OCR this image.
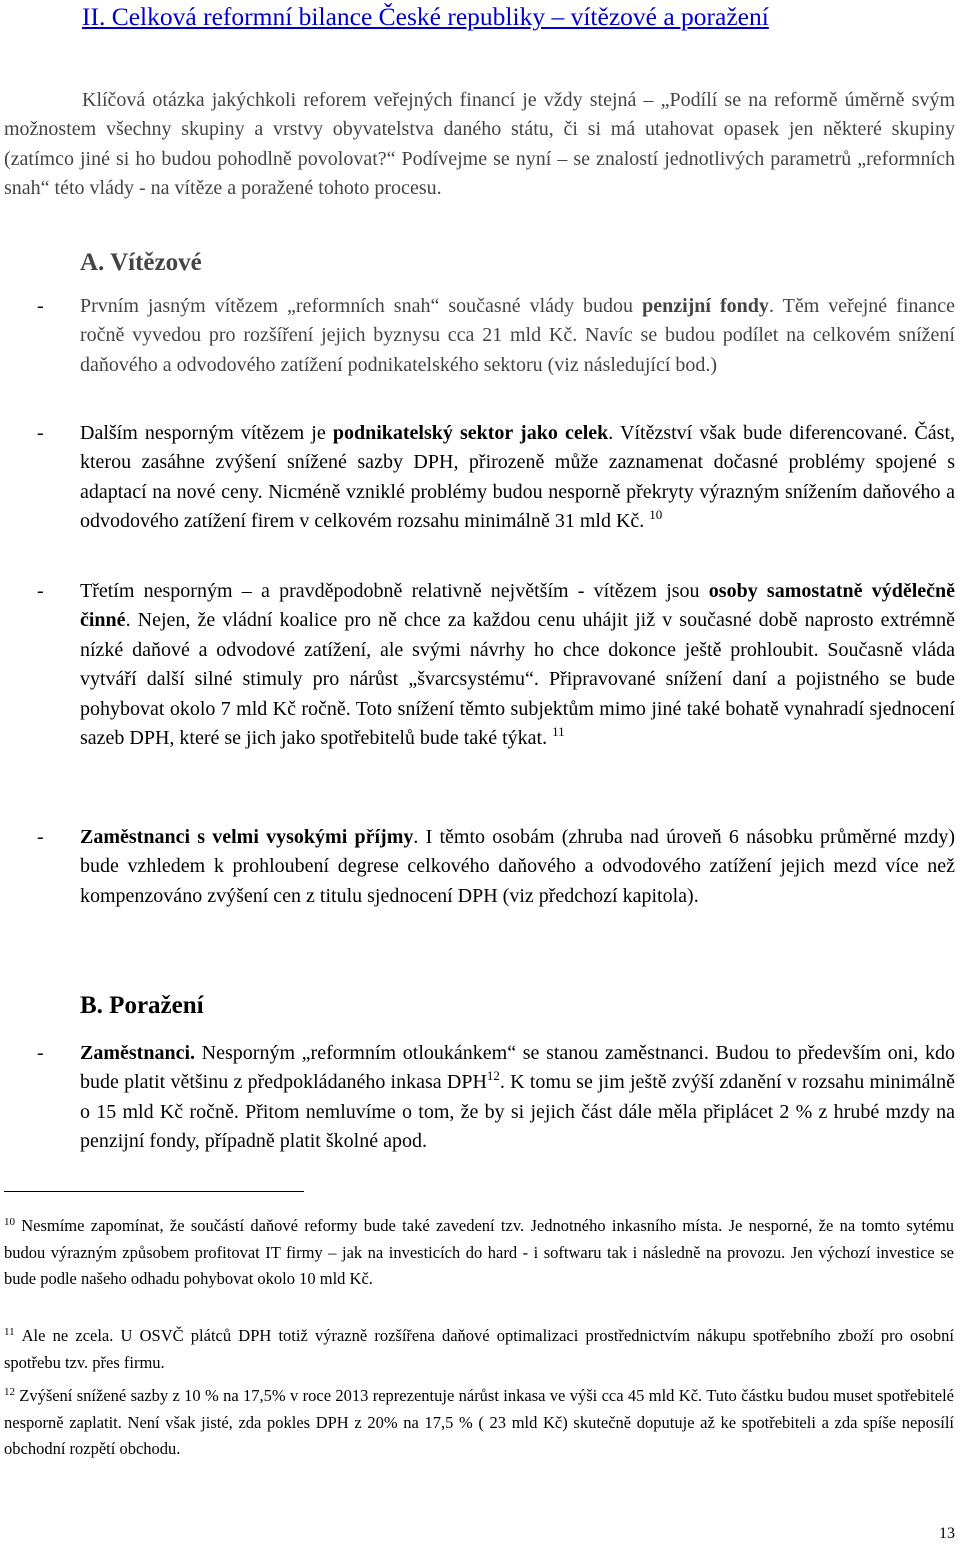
II. Celková reformní bilance České republiky – vítězové a poražení
Klíčová otázka jakýchkoli reforem veřejných financí je vždy stejná – „Podílí se na reformě úměrně svým možnostem všechny skupiny a vrstvy obyvatelstva daného státu, či si má utahovat opasek jen některé skupiny (zatímco jiné si ho budou pohodlně povolovat?“ Podívejme se nyní – se znalostí jednotlivých parametrů „reformních snah“ této vlády - na vítěze a poražené tohoto procesu.
A. Vítězové
- Prvním jasným vítězem „reformních snah“ současné vlády budou penzijní fondy. Těm veřejné finance ročně vyvedou pro rozšíření jejich byznysu cca 21 mld Kč. Navíc se budou podílet na celkovém snížení daňového a odvodového zatížení podnikatelského sektoru (viz následující bod.)
- Dalším nesporným vítězem je podnikatelský sektor jako celek. Vítězství však bude diferencované. Část, kterou zasáhne zvýšení snížené sazby DPH, přirozeně může zaznamenat dočasné problémy spojené s adaptací na nové ceny. Nicméně vzniklé problémy budou nesporně překryty výrazným snížením daňového a odvodového zatížení firem v celkovém rozsahu minimálně 31 mld Kč. $^{10}$
- Třetím nesporným – a pravděpodobně relativně největším - vítězem jsou osoby samostatně výdělečně činné. Nejen, že vládní koalice pro ně chce za každou cenu uhájit již v současné době naprosto extrémně nízké daňové a odvodové zatížení, ale svými návrhy ho chce dokonce ještě prohloubit. Současně vláda vytváří další silné stimuly pro nárůst „švarcsystému“. Připravované snížení daní a pojistného se bude pohybovat okolo 7 mld Kč ročně. Toto snížení těmto subjektům mimo jiné také bohatě vynahradí sjednocení sazeb DPH, které se jich jako spotřebitelů bude také týkat. $^{11}$
- Zaměstnanci s velmi vysokými příjmy. I těmto osobám (zhruba nad úroveň 6 násobku průměrné mzdy) bude vzhledem k prohloubení degrese celkového daňového a odvodového zatížení jejich mezd více než kompenzováno zvýšení cen z titulu sjednocení DPH (viz předchozí kapitola).
B. Poražení
- Zaměstnanci. Nesporným „reformním otloukánkem“ se stanou zaměstnanci. Budou to především oni, kdo bude platit většinu z předpokládaného inkasa DPH$^{12}$. K tomu se jim ještě zvýší zdanění v rozsahu minimálně o 15 mld Kč ročně. Přitom nemluvíme o tom, že by si jejich část dále měla připlácet 2 % z hrubé mzdy na penzijní fondy, případně platit školné apod.
$^{10}$ Nesmíme zapomínat, že součástí daňové reformy bude také zavedení tzv. Jednotného inkasního místa. Je nesporné, že na tomto sytému budou výrazným způsobem profitovat IT firmy – jak na investicích do hard - i softwaru tak i následně na provozu. Jen výchozí investice se bude podle našeho odhadu pohybovat okolo 10 mld Kč.
$^{11}$ Ale ne zcela. U OSVČ plátců DPH totiž výrazně rozšířena daňové optimalizaci prostřednictvím nákupu spotřebního zboží pro osobní spotřebu tzv. přes firmu.
$^{12}$ Zvýšení snížené sazby z 10 % na 17,5% v roce 2013 reprezentuje nárůst inkasa ve výši cca 45 mld Kč. Tuto částku budou muset spotřebitelé nesporně zaplatit. Není však jisté, zda pokles DPH z 20% na 17,5 % ( 23 mld Kč) skutečně doputuje až ke spotřebiteli a zda spíše neposílí obchodní rozpětí obchodu.
13
